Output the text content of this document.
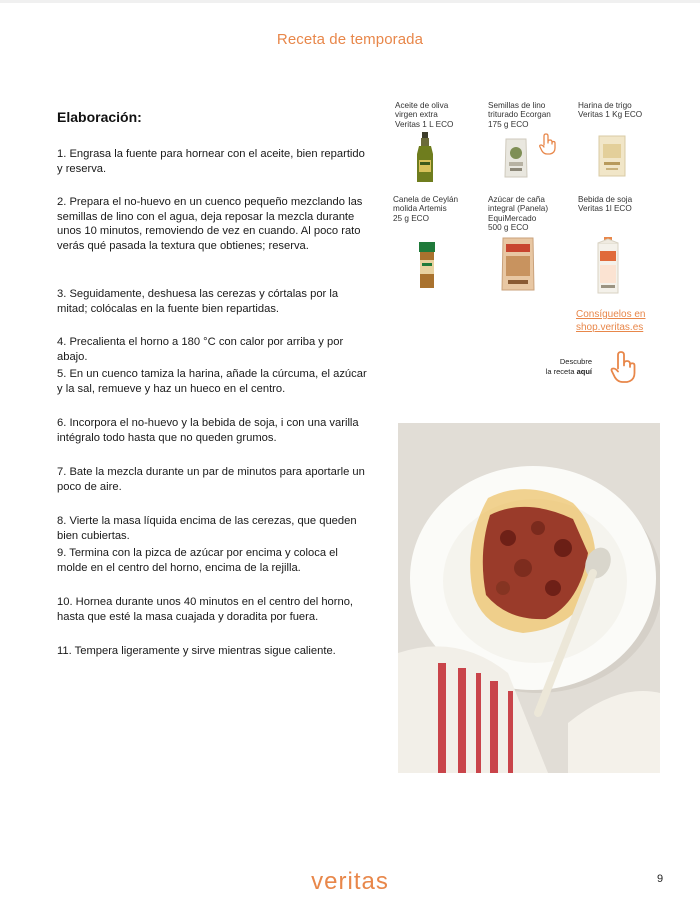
Receta de temporada
Elaboración:
1. Engrasa la fuente para hornear con el aceite, bien repartido y reserva.
2. Prepara el no-huevo en un cuenco pequeño mezclando las semillas de lino con el agua, deja reposar la mezcla durante unos 10 minutos, removiendo de vez en cuando. Al poco rato verás qué pasada la textura que obtienes; reserva.
3. Seguidamente, deshuesa las cerezas y córtalas por la mitad; colócalas en la fuente bien repartidas.
4. Precalienta el horno a 180 °C con calor por arriba y por abajo.
5. En un cuenco tamiza la harina, añade la cúrcuma, el azúcar y la sal, remueve y haz un hueco en el centro.
6. Incorpora el no-huevo y la bebida de soja, i con una varilla intégralo todo hasta que no queden grumos.
7. Bate la mezcla durante un par de minutos para aportarle un poco de aire.
8. Vierte la masa líquida encima de las cerezas, que queden bien cubiertas.
9. Termina con la pizca de azúcar por encima y coloca el molde en el centro del horno, encima de la rejilla.
10. Hornea durante unos 40 minutos en el centro del horno, hasta que esté la masa cuajada y doradita por fuera.
11. Tempera ligeramente y sirve mientras sigue caliente.
Aceite de oliva
virgen extra
Veritas 1 L ECO
Semillas de lino
triturado Ecorgan
175 g ECO
Harina de trigo
Veritas 1 Kg ECO
Canela de Ceylán
molida Artemis
25 g ECO
Azúcar de caña
integral (Panela)
EquiMercado
500 g ECO
Bebida de soja
Veritas 1l ECO
Consíguelos en
shop.veritas.es
Descubre
la receta aquí
veritas	9
